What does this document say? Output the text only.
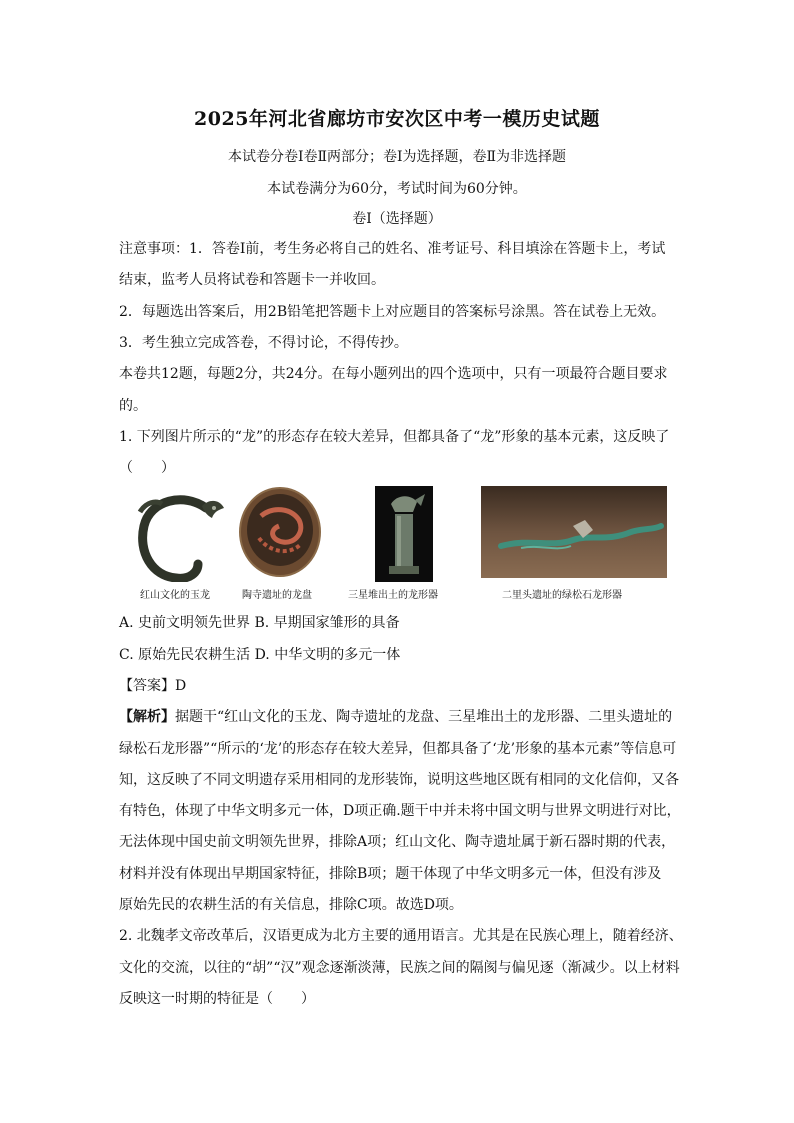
2025年河北省廊坊市安次区中考一模历史试题
本试卷分卷Ⅰ卷Ⅱ两部分；卷Ⅰ为选择题，卷Ⅱ为非选择题
本试卷满分为60分，考试时间为60分钟。
卷Ⅰ（选择题）
注意事项：1．答卷Ⅰ前，考生务必将自己的姓名、准考证号、科目填涂在答题卡上，考试
结束，监考人员将试卷和答题卡一并收回。
2．每题选出答案后，用2B铅笔把答题卡上对应题目的答案标号涂黑。答在试卷上无效。
3．考生独立完成答卷，不得讨论，不得传抄。
本卷共12题，每题2分，共24分。在每小题列出的四个选项中，只有一项最符合题目要求
的。
1. 下列图片所示的“龙”的形态存在较大差异，但都具备了“龙”形象的基本元素，这反映了
（　　）
红山文化的玉龙	陶寺遗址的龙盘	三星堆出土的龙形器	二里头遗址的绿松石龙形器
A. 史前文明领先世界 B. 早期国家雏形的具备
C. 原始先民农耕生活 D. 中华文明的多元一体
【答案】D
【解析】据题干“红山文化的玉龙、陶寺遗址的龙盘、三星堆出土的龙形器、二里头遗址的
绿松石龙形器”“所示的‘龙’的形态存在较大差异，但都具备了‘龙’形象的基本元素”等信息可
知，这反映了不同文明遗存采用相同的龙形装饰，说明这些地区既有相同的文化信仰，又各
有特色，体现了中华文明多元一体，D项正确.题干中并未将中国文明与世界文明进行对比，
无法体现中国史前文明领先世界，排除A项；红山文化、陶寺遗址属于新石器时期的代表，
材料并没有体现出早期国家特征，排除B项；题干体现了中华文明多元一体，但没有涉及
原始先民的农耕生活的有关信息，排除C项。故选D项。
2. 北魏孝文帝改革后，汉语更成为北方主要的通用语言。尤其是在民族心理上，随着经济、
文化的交流，以往的“胡”“汉”观念逐渐淡薄，民族之间的隔阂与偏见逐（渐减少。以上材料
反映这一时期的特征是（　　）
